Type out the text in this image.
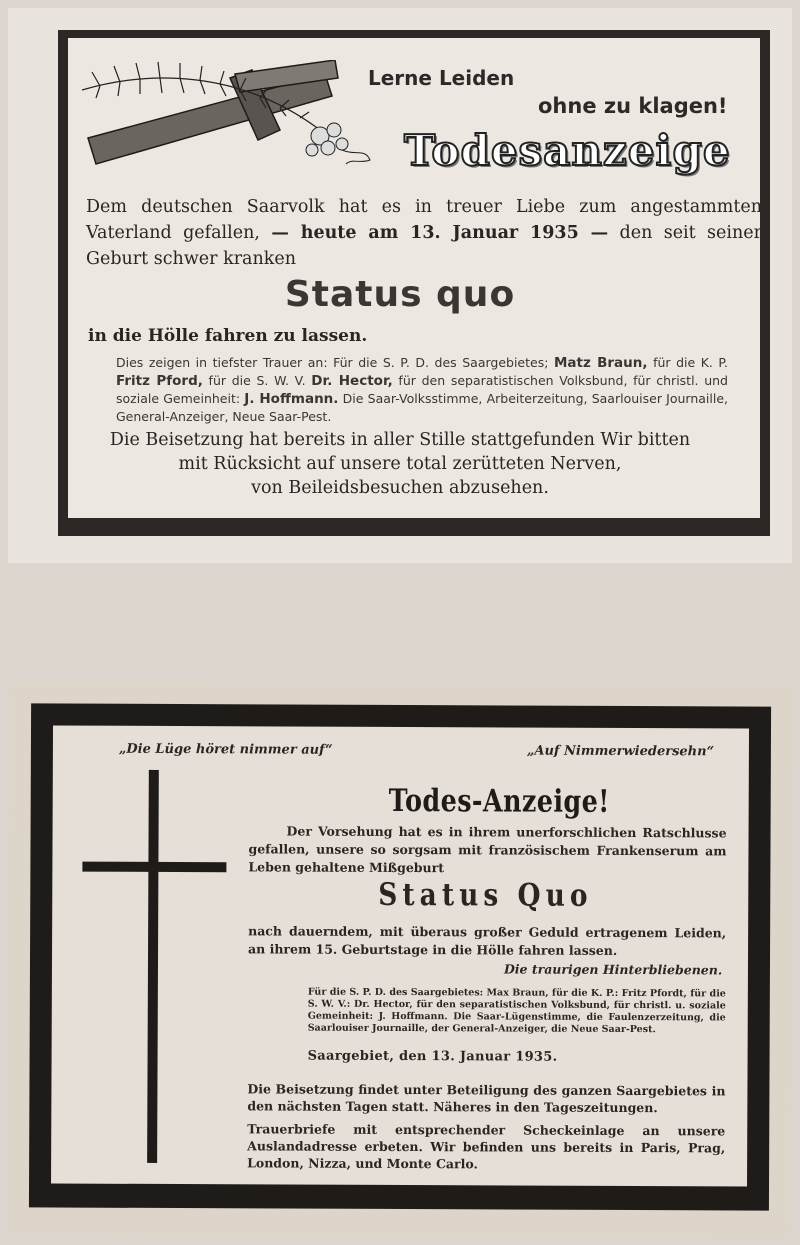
Lerne Leiden
ohne zu klagen!
Todesanzeige
Dem deutschen Saarvolk hat es in treuer Liebe zum angestammten Vaterland gefallen, — heute am 13. Januar 1935 — den seit seiner Geburt schwer kranken
Status quo
in die Hölle fahren zu lassen.
Dies zeigen in tiefster Trauer an: Für die S. P. D. des Saargebietes; Matz Braun, für die K. P. Fritz Pford, für die S. W. V. Dr. Hector, für den separatistischen Volksbund, für christl. und soziale Gemeinheit: J. Hoffmann. Die Saar-Volksstimme, Arbeiterzeitung, Saarlouiser Journaille, General-Anzeiger, Neue Saar-Pest.
Die Beisetzung hat bereits in aller Stille stattgefunden Wir bitten
mit Rücksicht auf unsere total zerütteten Nerven,
von Beileidsbesuchen abzusehen.
„Die Lüge höret nimmer auf“	„Auf Nimmerwiedersehn“
Todes-Anzeige!
Der Vorsehung hat es in ihrem unerforschlichen Ratschlusse gefallen, unsere so sorgsam mit französischem Frankenserum am Leben gehaltene Mißgeburt
Status Quo
nach dauerndem, mit überaus großer Geduld ertragenem Leiden, an ihrem 15. Geburtstage in die Hölle fahren lassen.
Die traurigen Hinterbliebenen.
Für die S. P. D. des Saargebietes: Max Braun, für die K. P.: Fritz Pfordt, für die S. W. V.: Dr. Hector, für den separatistischen Volksbund, für christl. u. soziale Gemeinheit: J. Hoffmann. Die Saar-Lügenstimme, die Faulenzerzeitung, die Saarlouiser Journaille, der General-Anzeiger, die Neue Saar-Pest.
Saargebiet, den 13. Januar 1935.
Die Beisetzung findet unter Beteiligung des ganzen Saargebietes in den nächsten Tagen statt. Näheres in den Tageszeitungen.
Trauerbriefe mit entsprechender Scheckeinlage an unsere Auslandadresse erbeten. Wir befinden uns bereits in Paris, Prag, London, Nizza, und Monte Carlo.
